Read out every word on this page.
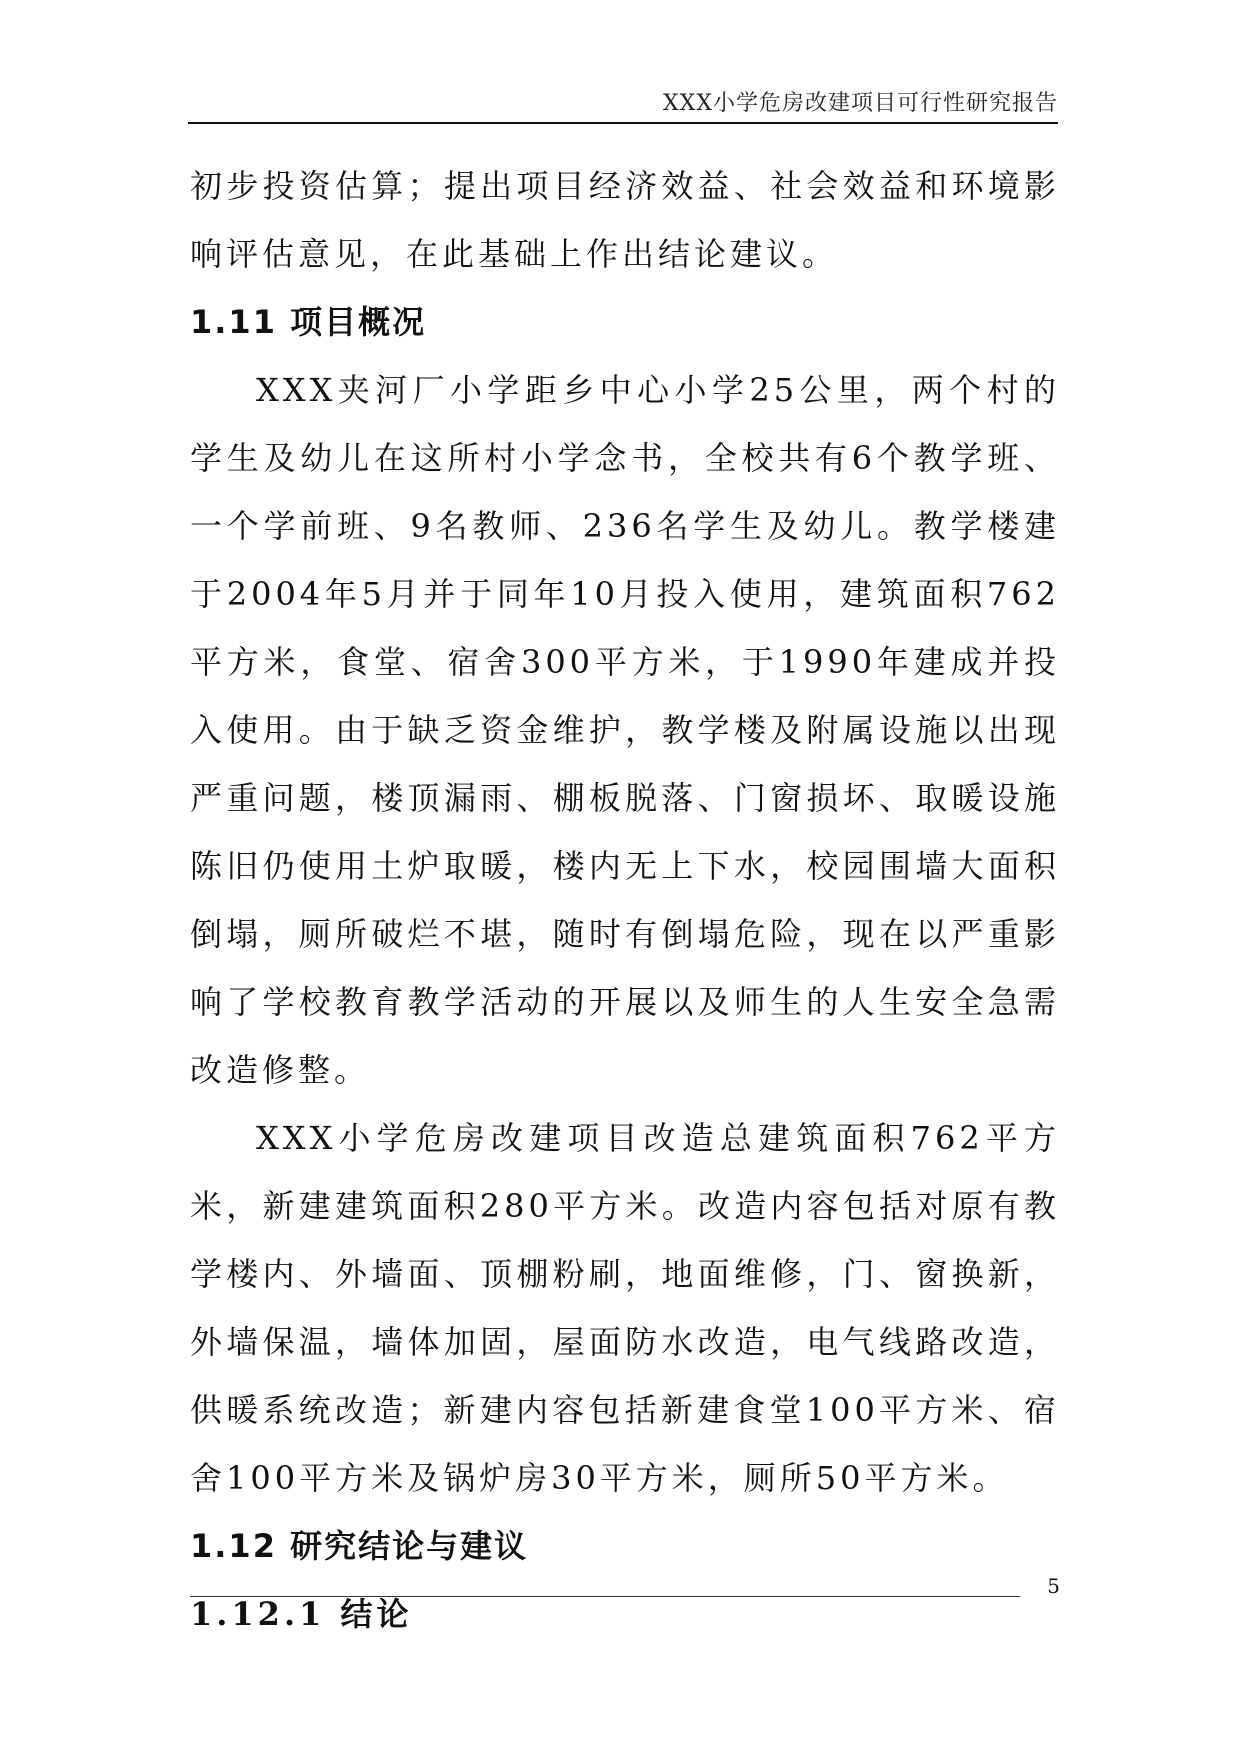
XXX小学危房改建项目可行性研究报告

初步投资估算；提出项目经济效益、社会效益和环境影响评估意见，在此基础上作出结论建议。

1.11 项目概况

XXX夹河厂小学距乡中心小学25公里，两个村的学生及幼儿在这所村小学念书，全校共有6个教学班、一个学前班、9名教师、236名学生及幼儿。教学楼建于2004年5月并于同年10月投入使用，建筑面积762平方米，食堂、宿舍300平方米，于1990年建成并投入使用。由于缺乏资金维护，教学楼及附属设施以出现严重问题，楼顶漏雨、棚板脱落、门窗损坏、取暖设施陈旧仍使用土炉取暖，楼内无上下水，校园围墙大面积倒塌，厕所破烂不堪，随时有倒塌危险，现在以严重影响了学校教育教学活动的开展以及师生的人生安全急需改造修整。

XXX小学危房改建项目改造总建筑面积762平方米，新建建筑面积280平方米。改造内容包括对原有教学楼内、外墙面、顶棚粉刷，地面维修，门、窗换新，外墙保温，墙体加固，屋面防水改造，电气线路改造，供暖系统改造；新建内容包括新建食堂100平方米、宿舍100平方米及锅炉房30平方米，厕所50平方米。

1.12 研究结论与建议
1.12.1 结论
5
